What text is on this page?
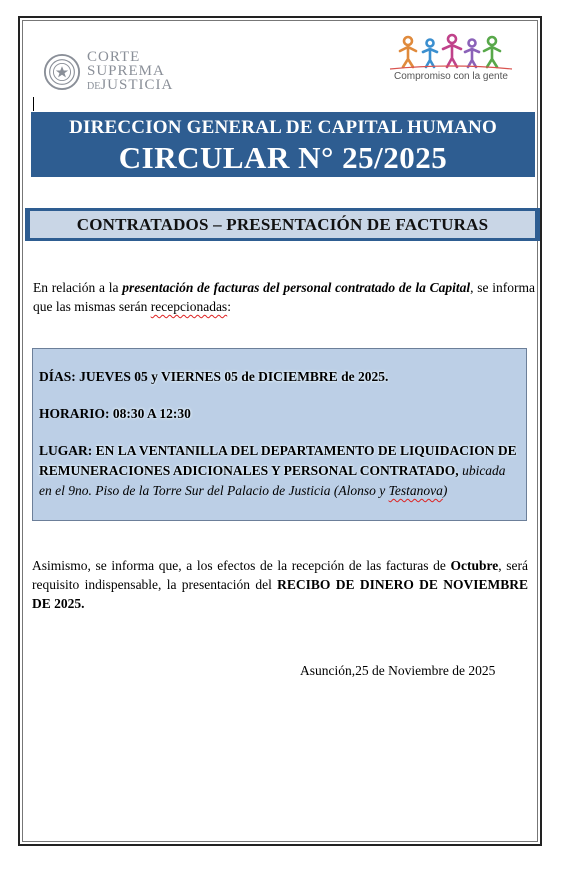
CORTE
SUPREMA
DEJUSTICIA
Compromiso con la gente
DIRECCION GENERAL DE CAPITAL HUMANO
CIRCULAR N° 25/2025
CONTRATADOS – PRESENTACIÓN DE FACTURAS
En relación a la presentación de facturas del personal contratado de la Capital, se informa que las mismas serán recepcionadas:

DÍAS: JUEVES 05 y VIERNES 05 de DICIEMBRE de 2025.

HORARIO: 08:30 A 12:30

LUGAR: EN LA VENTANILLA DEL DEPARTAMENTO DE LIQUIDACION DE REMUNERACIONES ADICIONALES Y PERSONAL CONTRATADO, ubicada en el 9no. Piso de la Torre Sur del Palacio de Justicia (Alonso y Testanova)

Asimismo, se informa que, a los efectos de la recepción de las facturas de Octubre, será requisito indispensable, la presentación del RECIBO DE DINERO DE NOVIEMBRE DE 2025.
Asunción,25 de Noviembre de 2025
